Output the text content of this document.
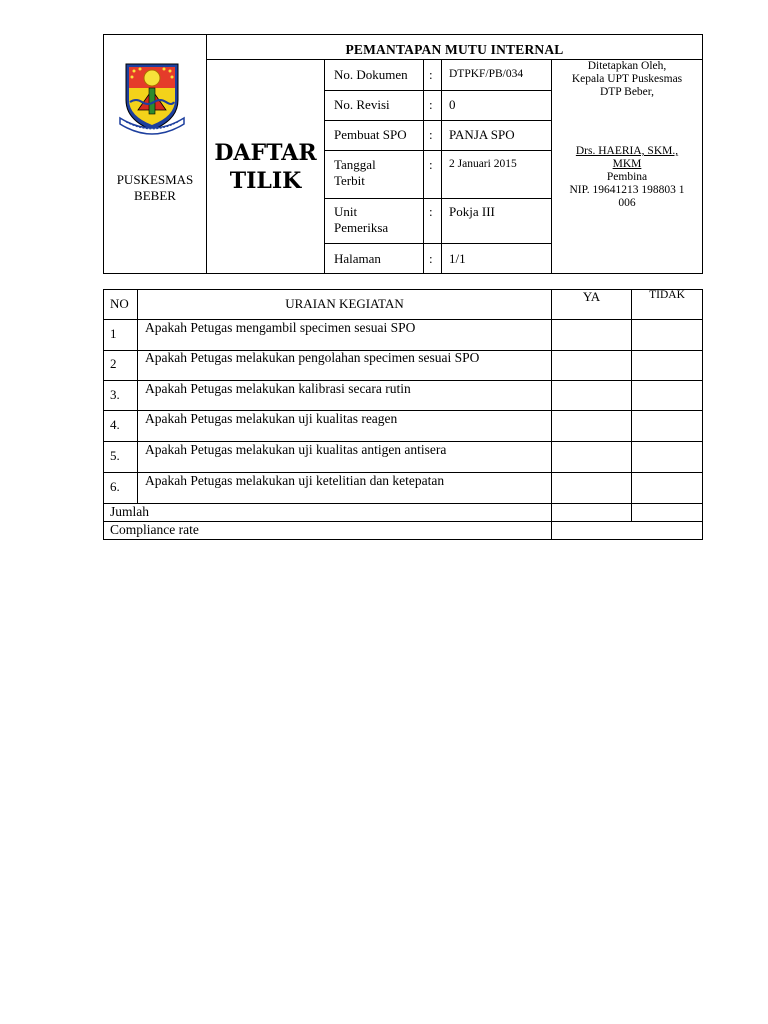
PUSKESMAS
BEBER
DAFTAR
TILIK
PEMANTAPAN MUTU INTERNAL
No. Dokumen : DTPKF/PB/034
No. Revisi	: 0
Pembuat SPO : PANJA SPO
Tanggal
Terbit
: 2 Januari 2015
Unit
Pemeriksa
: Pokja III
Halaman	: 1/1
Ditetapkan Oleh,
Kepala UPT Puskesmas
DTP Beber,
Drs. HAERIA, SKM.,
MKM
Pembina
NIP. 19641213 198803 1
006
NO	URAIAN KEGIATAN	YA	TIDAK
1 Apakah Petugas mengambil specimen sesuai SPO
2 Apakah Petugas melakukan pengolahan specimen sesuai SPO
3. Apakah Petugas melakukan kalibrasi secara rutin
4. Apakah Petugas melakukan uji kualitas reagen
5. Apakah Petugas melakukan uji kualitas antigen antisera
6. Apakah Petugas melakukan uji ketelitian dan ketepatan
Jumlah
Compliance rate
